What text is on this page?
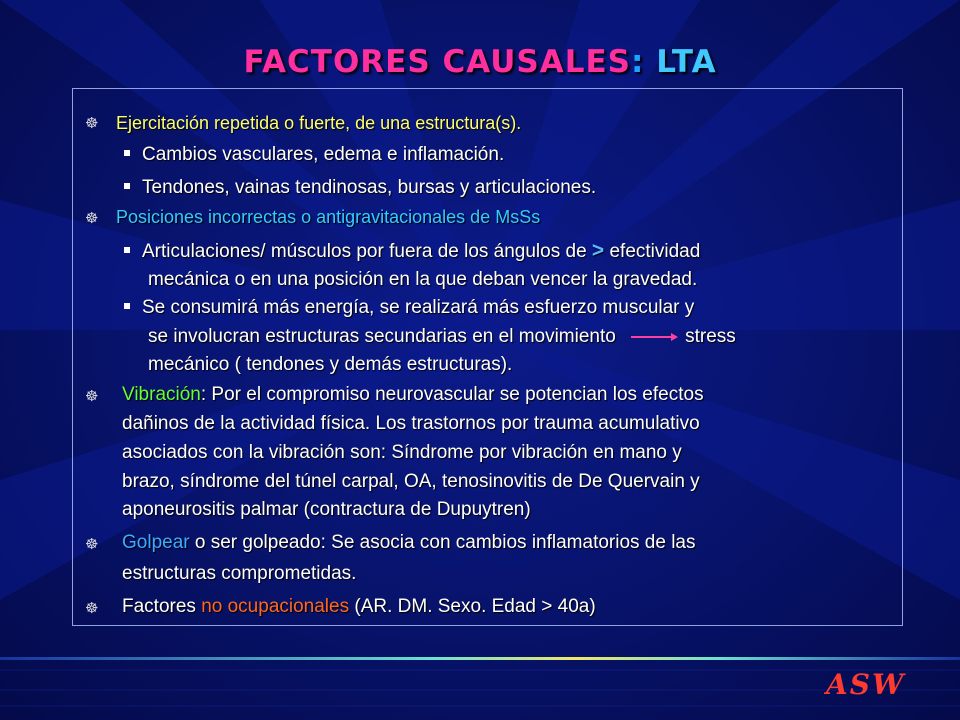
FACTORES CAUSALES: LTA
☸ Ejercitación repetida o fuerte, de una estructura(s).
Cambios vasculares, edema e inflamación.
Tendones, vainas tendinosas, bursas y articulaciones.
☸ Posiciones incorrectas o antigravitacionales de MsSs
Articulaciones/ músculos por fuera de los ángulos de > efectividad
mecánica o en una posición en la que deban vencer la gravedad.
Se consumirá más energía, se realizará más esfuerzo muscular y
se involucran estructuras secundarias en el movimiento	stress
mecánico ( tendones y demás estructuras).
☸ Vibración: Por el compromiso neurovascular se potencian los efectos
dañinos de la actividad física. Los trastornos por trauma acumulativo
asociados con la vibración son: Síndrome por vibración en mano y
brazo, síndrome del túnel carpal, OA, tenosinovitis de De Quervain y
aponeurositis palmar (contractura de Dupuytren)
☸ Golpear o ser golpeado: Se asocia con cambios inflamatorios de las
estructuras comprometidas.
☸ Factores no ocupacionales (AR. DM. Sexo. Edad > 40a)
ASW
